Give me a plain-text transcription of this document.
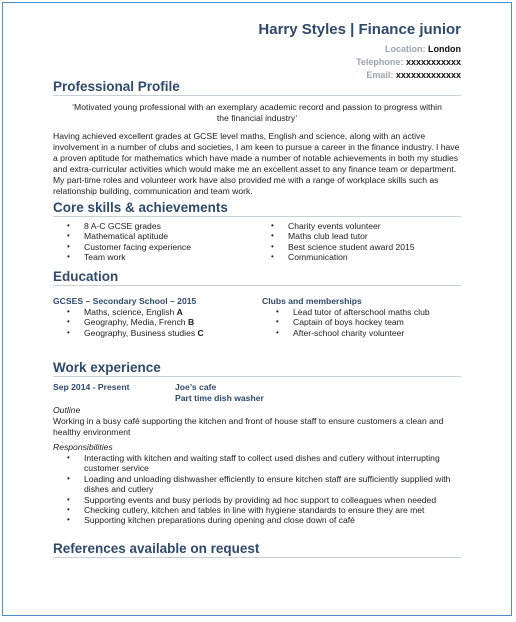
Harry Styles | Finance junior
Location: London
Telephone: xxxxxxxxxxx
Email: xxxxxxxxxxxxx
Professional Profile
‘Motivated young professional with an exemplary academic record and passion to progress within the financial industry’
Having achieved excellent grades at GCSE level maths, English and science, along with an active involvement in a number of clubs and societies, I am keen to pursue a career in the finance industry. I have a proven aptitude for mathematics which have made a number of notable achievements in both my studies and extra-curricular activities which would make me an excellent asset to any finance team or department. My part-time roles and volunteer work have also provided me with a range of workplace skills such as relationship building, communication and team work.
Core skills & achievements
• 8 A-C GCSE grades
• Mathematical aptitude
• Customer facing experience
• Team work
• Charity events volunteer
• Maths club lead tutor
• Best science student award 2015
• Communication
Education
GCSES – Secondary School – 2015
• Maths, science, English A
• Geography, Media, French B
• Geography, Business studies C
Clubs and memberships
• Lead tutor of afterschool maths club
• Captain of boys hockey team
• After-school charity volunteer
Work experience
Sep 2014 - Present	Joe’s cafe
Part time dish washer
Outline
Working in a busy café supporting the kitchen and front of house staff to ensure customers a clean and healthy environment
Responsibilities
• Interacting with kitchen and waiting staff to collect used dishes and cutlery without interrupting customer service
• Loading and unloading dishwasher efficiently to ensure kitchen staff are sufficiently supplied with dishes and cutlery
• Supporting events and busy periods by providing ad hoc support to colleagues when needed
• Checking cutlery, kitchen and tables in line with hygiene standards to ensure they are met
• Supporting kitchen preparations during opening and close down of café
References available on request
